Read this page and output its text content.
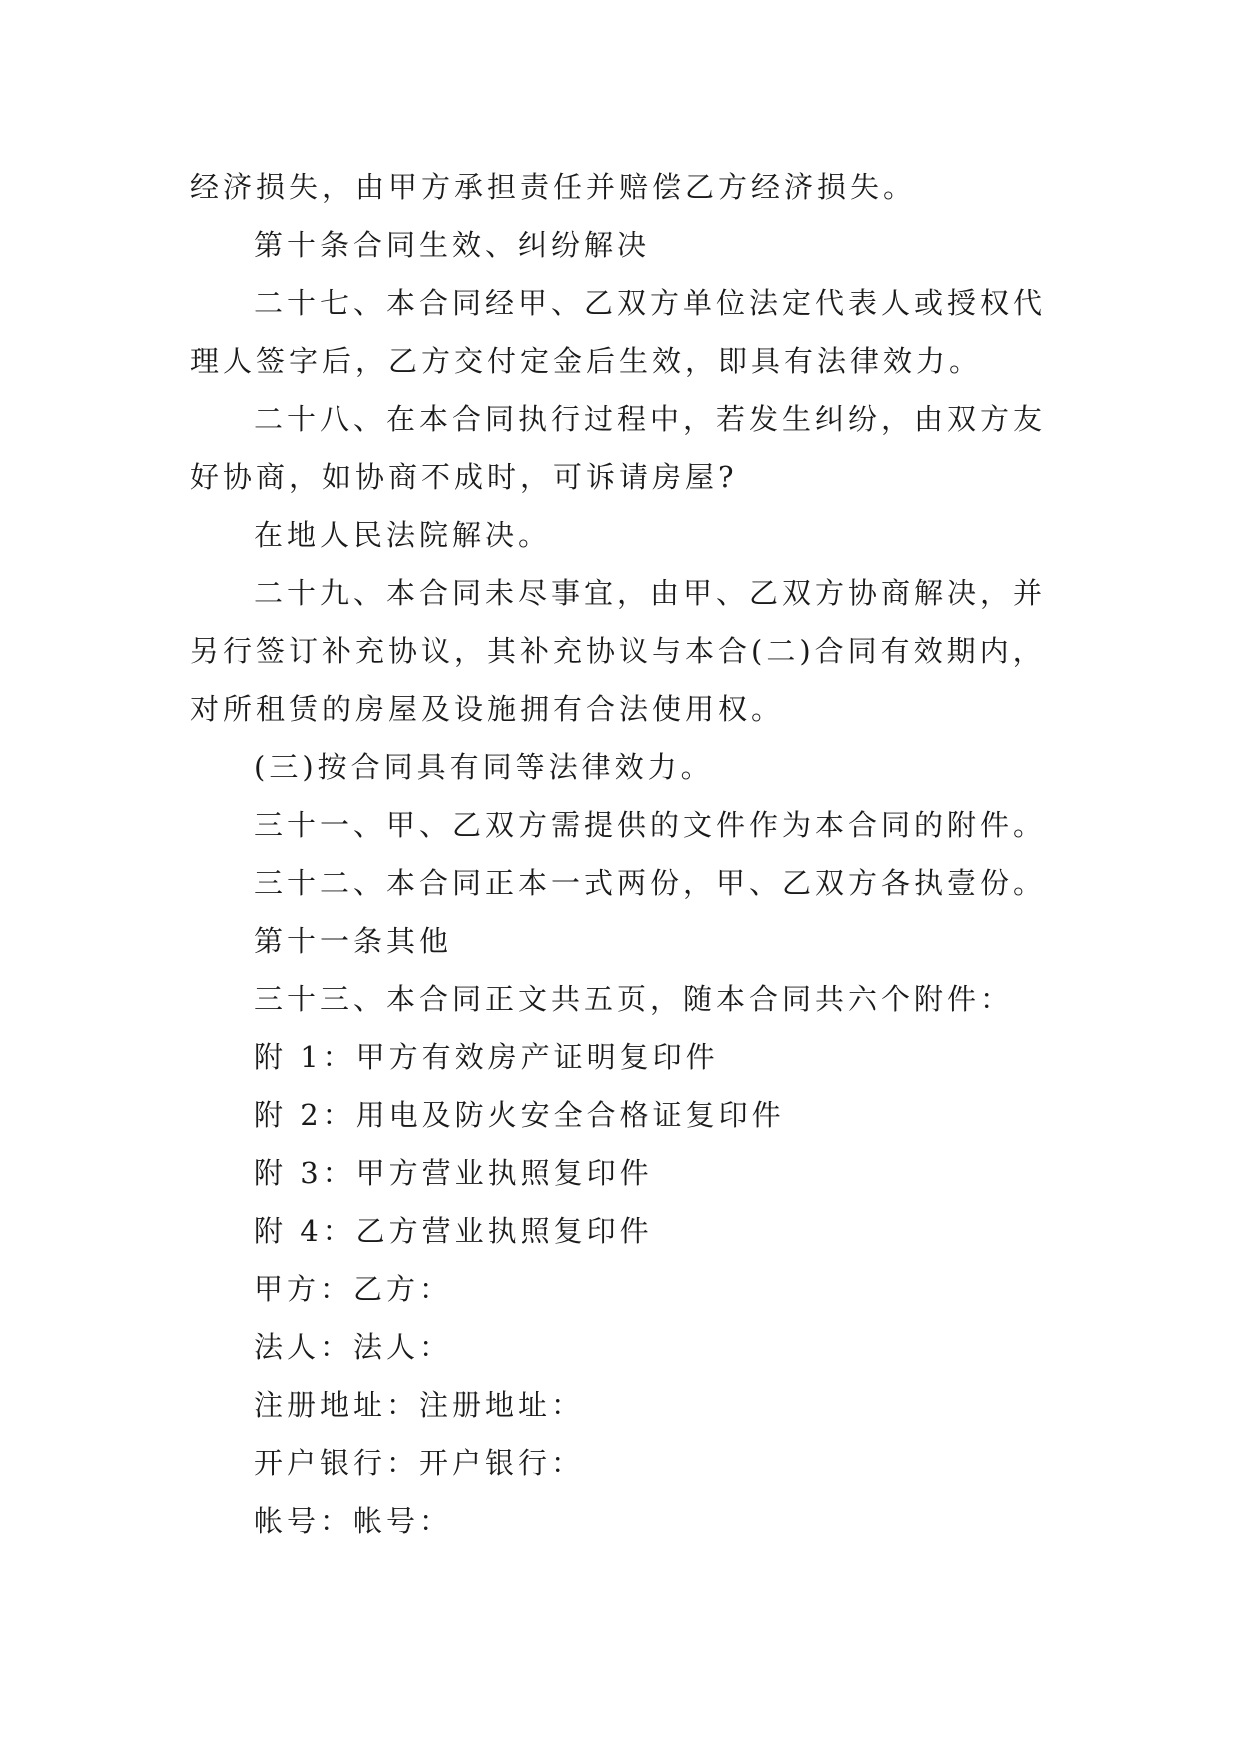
经济损失，由甲方承担责任并赔偿乙方经济损失。

第十条合同生效、纠纷解决

二十七、本合同经甲、乙双方单位法定代表人或授权代

理人签字后，乙方交付定金后生效，即具有法律效力。

二十八、在本合同执行过程中，若发生纠纷，由双方友

好协商，如协商不成时，可诉请房屋?

在地人民法院解决。

二十九、本合同未尽事宜，由甲、乙双方协商解决，并

另行签订补充协议，其补充协议与本合(二)合同有效期内，

对所租赁的房屋及设施拥有合法使用权。

(三)按合同具有同等法律效力。

三十一、甲、乙双方需提供的文件作为本合同的附件。

三十二、本合同正本一式两份，甲、乙双方各执壹份。

第十一条其他

三十三、本合同正文共五页，随本合同共六个附件：

附 1：甲方有效房产证明复印件

附 2：用电及防火安全合格证复印件

附 3：甲方营业执照复印件

附 4：乙方营业执照复印件

甲方：乙方：

法人：法人：

注册地址：注册地址：

开户银行：开户银行：

帐号：帐号：
